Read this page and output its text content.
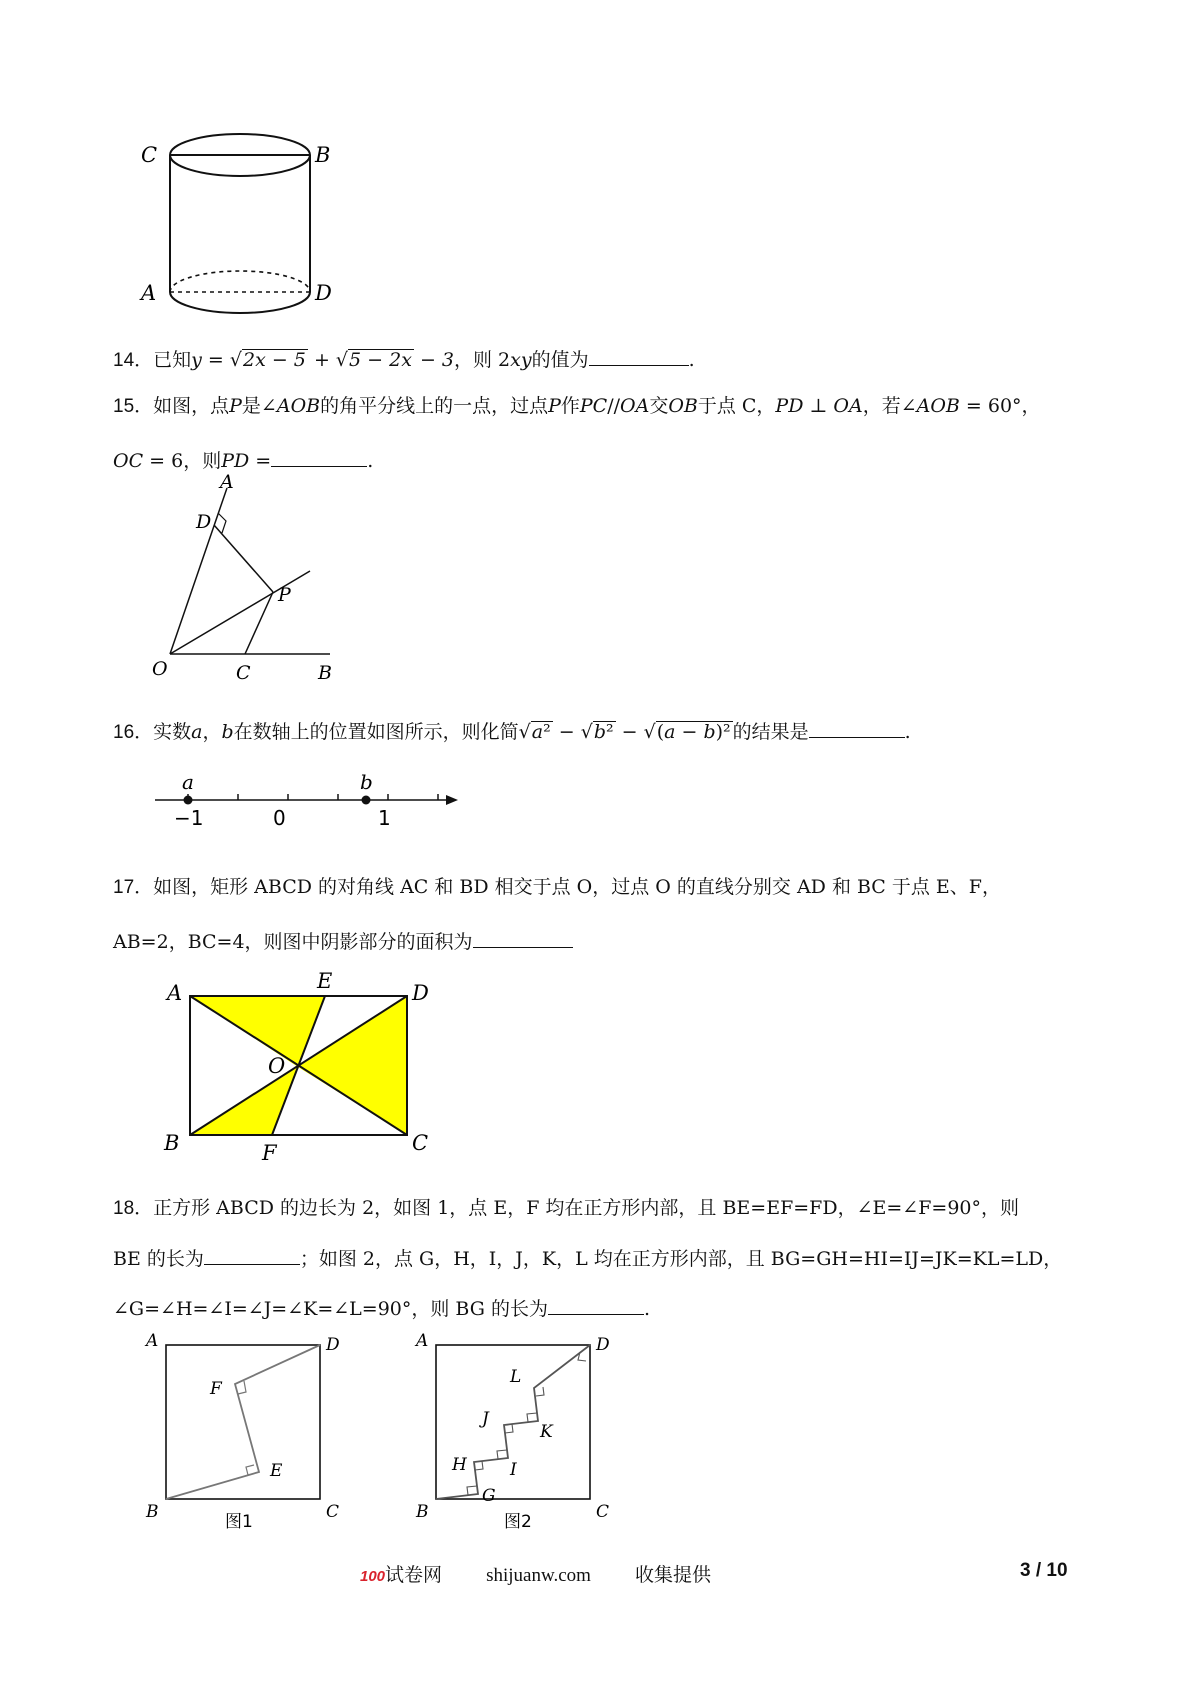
C	B
A	D
14．已知y = √2x − 5 + √5 − 2x − 3，则 2xy的值为	.
15．如图，点𝑃是∠𝐴𝑂𝐵的角平分线上的一点，过点𝑃作𝑃𝐶//𝑂𝐴交𝑂𝐵于点 C，𝑃𝐷 ⊥ 𝑂𝐴，若∠𝐴𝑂𝐵 = 60°，
𝑂𝐶 = 6，则𝑃𝐷 =	.
A
D
P
O	C	B
16．实数𝑎，𝑏在数轴上的位置如图所示，则化简√𝑎² − √𝑏² − √(𝑎 − 𝑏)² 的结果是	.
a	b
−1	0	1
17．如图，矩形 ABCD 的对角线 AC 和 BD 相交于点 O，过点 O 的直线分别交 AD 和 BC 于点 E、F，
AB=2，BC=4，则图中阴影部分的面积为
A	E	D
O
B	F	C
18．正方形 ABCD 的边长为 2，如图 1，点 E，F 均在正方形内部，且 BE=EF=FD，∠E=∠F=90°，则
BE 的长为	；如图 2，点 G，H，I，J，K，L 均在正方形内部，且 BG=GH=HI=IJ=JK=KL=LD，
∠G=∠H=∠I=∠J=∠K=∠L=90°，则 BG 的长为	.
A	D
F
E
B	C
图1
A	D
L
J
K
H	I
G
B	C
图2
100试卷网 shijuanw.com 收集提供	3 / 10
